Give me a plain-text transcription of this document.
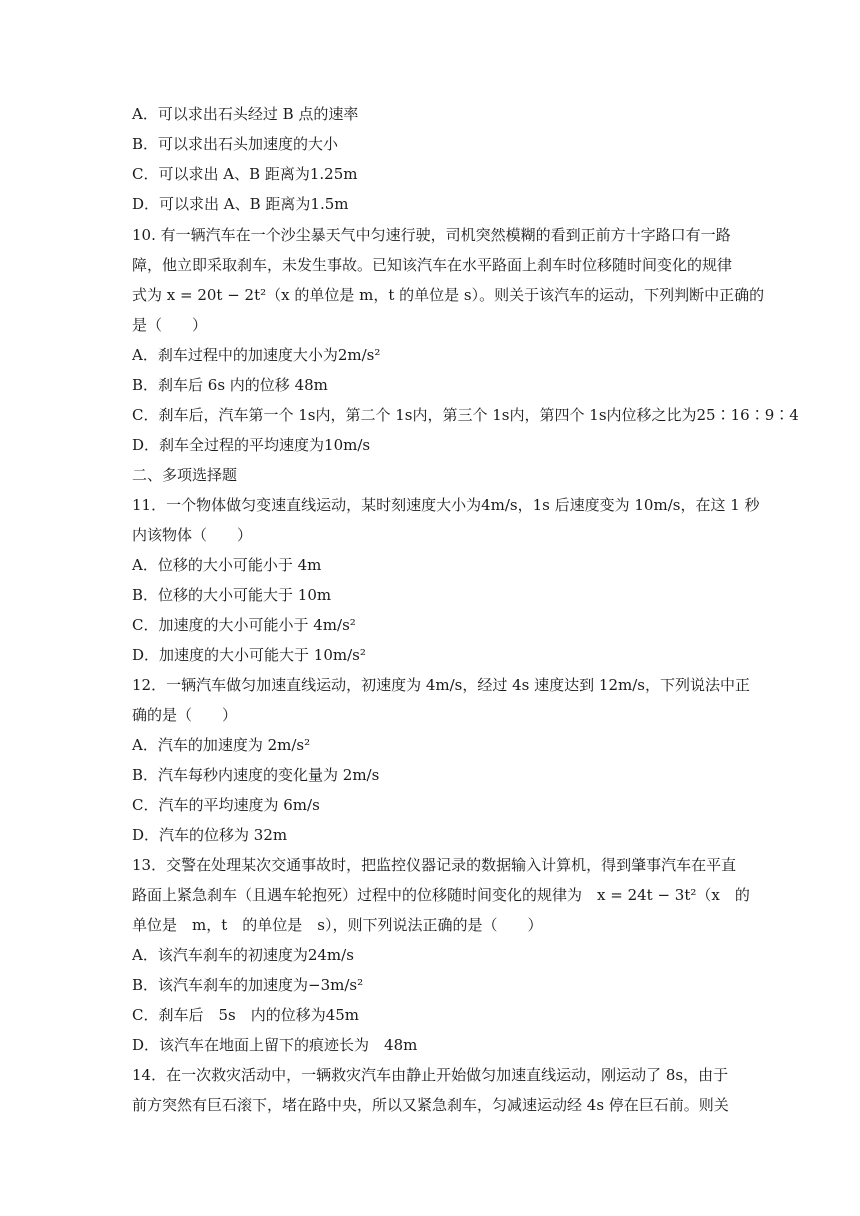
A．可以求出石头经过 B 点的速率
B．可以求出石头加速度的大小
C．可以求出 A、B 距离为1.25m
D．可以求出 A、B 距离为1.5m
10. 有一辆汽车在一个沙尘暴天气中匀速行驶，司机突然模糊的看到正前方十字路口有一路
障，他立即采取刹车，未发生事故。已知该汽车在水平路面上刹车时位移随时间变化的规律
式为 x = 20t − 2t²（x 的单位是 m，t 的单位是 s）。则关于该汽车的运动，下列判断中正确的
是（　　）
A．刹车过程中的加速度大小为2m/s²
B．刹车后 6s 内的位移 48m
C．刹车后，汽车第一个 1s内，第二个 1s内，第三个 1s内，第四个 1s内位移之比为25∶16∶9∶4
D．刹车全过程的平均速度为10m/s
二、多项选择题
11．一个物体做匀变速直线运动，某时刻速度大小为4m/s，1s 后速度变为 10m/s，在这 1 秒
内该物体（　　）
A．位移的大小可能小于 4m
B．位移的大小可能大于 10m
C．加速度的大小可能小于 4m/s²
D．加速度的大小可能大于 10m/s²
12．一辆汽车做匀加速直线运动，初速度为 4m/s，经过 4s 速度达到 12m/s，下列说法中正
确的是（　　）
A．汽车的加速度为 2m/s²
B．汽车每秒内速度的变化量为 2m/s
C．汽车的平均速度为 6m/s
D．汽车的位移为 32m
13．交警在处理某次交通事故时，把监控仪器记录的数据输入计算机，得到肇事汽车在平直
路面上紧急刹车（且遇车轮抱死）过程中的位移随时间变化的规律为　x = 24t − 3t²（x　的
单位是　m，t　的单位是　s），则下列说法正确的是（　　）
A．该汽车刹车的初速度为24m/s
B．该汽车刹车的加速度为−3m/s²
C．刹车后　5s　内的位移为45m
D．该汽车在地面上留下的痕迹长为　48m
14．在一次救灾活动中，一辆救灾汽车由静止开始做匀加速直线运动，刚运动了 8s，由于
前方突然有巨石滚下，堵在路中央，所以又紧急刹车，匀减速运动经 4s 停在巨石前。则关
